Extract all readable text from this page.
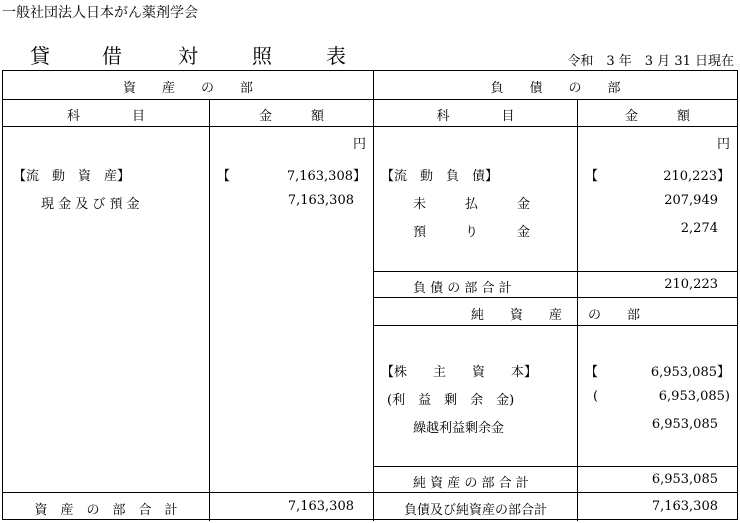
一般社団法人日本がん薬剤学会
貸	借	対	照	表	令和　3 年　3 月 31 日現在
資　　産　　の　　部	負　　債　　の　　部
科　　　　目	金　　　額	科　　　　目	金　　　額
円	円
【流　動　資　産】	【	7,163,308】
現 金 及 び 預 金	7,163,308
【流　動　負　債】	【	210,223】
未　　　払　　　金	207,949
預　　　り　　　金	2,274
負 債 の 部 合 計	210,223
純　　資　　産　　の　　部
【株　　主　　資　　本】	【	6,953,085】
(利　益　剰　余　金)	(	6,953,085)
繰越利益剰余金	6,953,085
純 資 産 の 部 合 計	6,953,085
資　産　の　部　合　計	7,163,308	負債及び純資産の部合計	7,163,308
